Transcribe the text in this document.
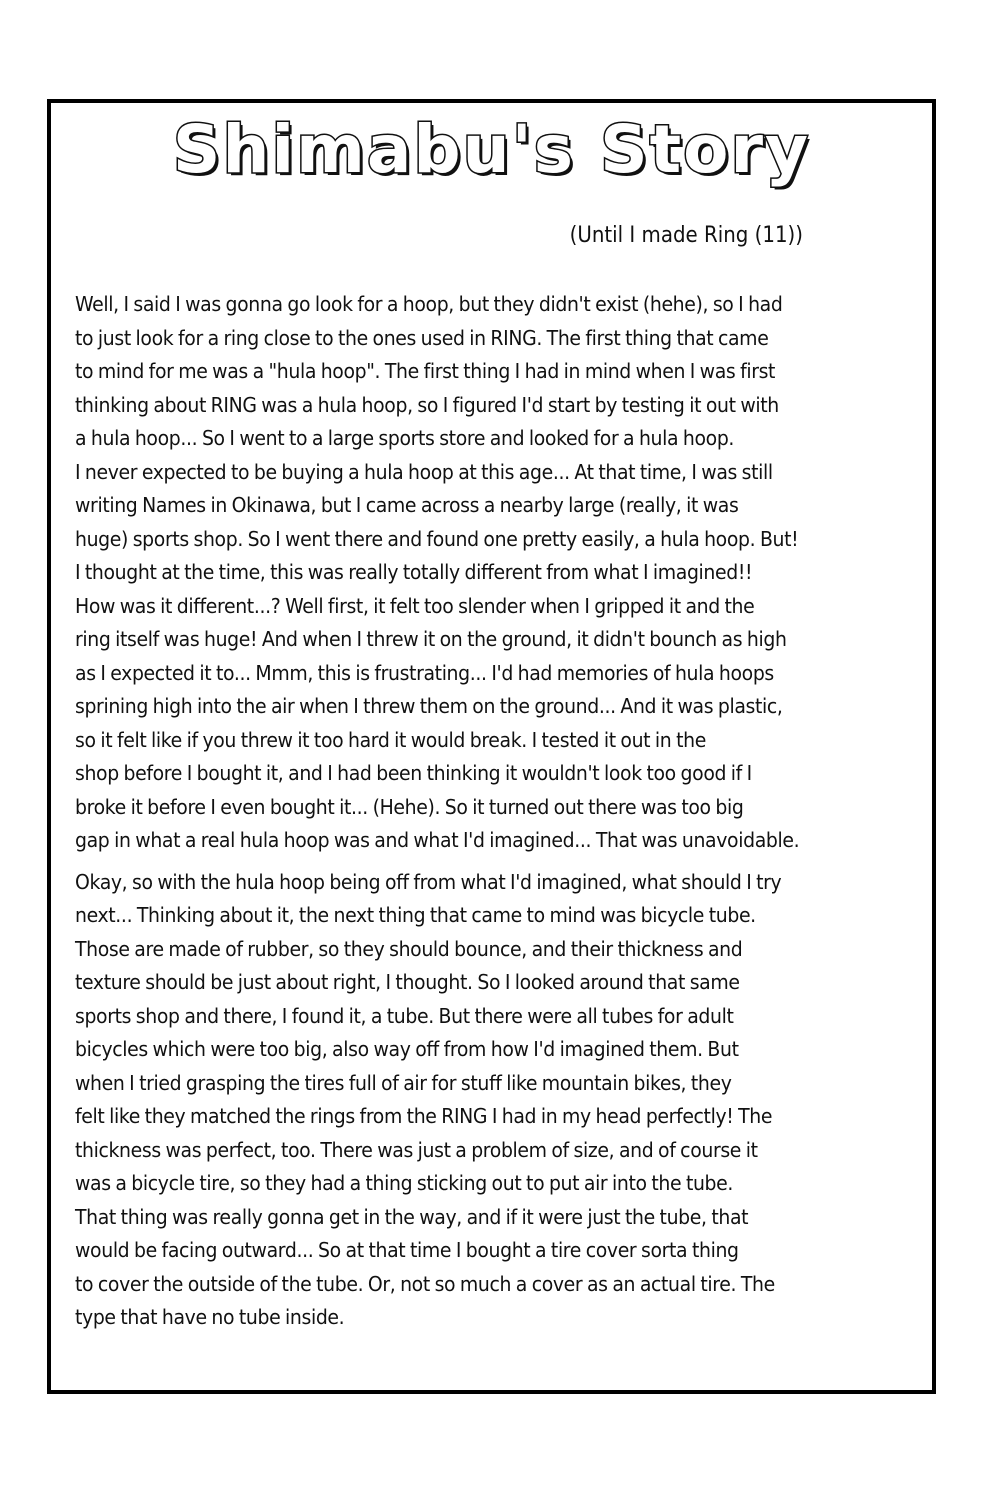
Shimabu's Story
(Until I made Ring (11))

Well, I said I was gonna go look for a hoop, but they didn't exist (hehe), so I had
to just look for a ring close to the ones used in RING. The first thing that came
to mind for me was a "hula hoop". The first thing I had in mind when I was first
thinking about RING was a hula hoop, so I figured I'd start by testing it out with
a hula hoop... So I went to a large sports store and looked for a hula hoop.
I never expected to be buying a hula hoop at this age... At that time, I was still
writing Names in Okinawa, but I came across a nearby large (really, it was
huge) sports shop. So I went there and found one pretty easily, a hula hoop. But!
I thought at the time, this was really totally different from what I imagined!!
How was it different...? Well first, it felt too slender when I gripped it and the
ring itself was huge! And when I threw it on the ground, it didn't bounch as high
as I expected it to... Mmm, this is frustrating... I'd had memories of hula hoops
sprining high into the air when I threw them on the ground... And it was plastic,
so it felt like if you threw it too hard it would break. I tested it out in the
shop before I bought it, and I had been thinking it wouldn't look too good if I
broke it before I even bought it... (Hehe). So it turned out there was too big
gap in what a real hula hoop was and what I'd imagined... That was unavoidable.

Okay, so with the hula hoop being off from what I'd imagined, what should I try
next... Thinking about it, the next thing that came to mind was bicycle tube.
Those are made of rubber, so they should bounce, and their thickness and
texture should be just about right, I thought. So I looked around that same
sports shop and there, I found it, a tube. But there were all tubes for adult
bicycles which were too big, also way off from how I'd imagined them. But
when I tried grasping the tires full of air for stuff like mountain bikes, they
felt like they matched the rings from the RING I had in my head perfectly! The
thickness was perfect, too. There was just a problem of size, and of course it
was a bicycle tire, so they had a thing sticking out to put air into the tube.
That thing was really gonna get in the way, and if it were just the tube, that
would be facing outward... So at that time I bought a tire cover sorta thing
to cover the outside of the tube. Or, not so much a cover as an actual tire. The
type that have no tube inside.
